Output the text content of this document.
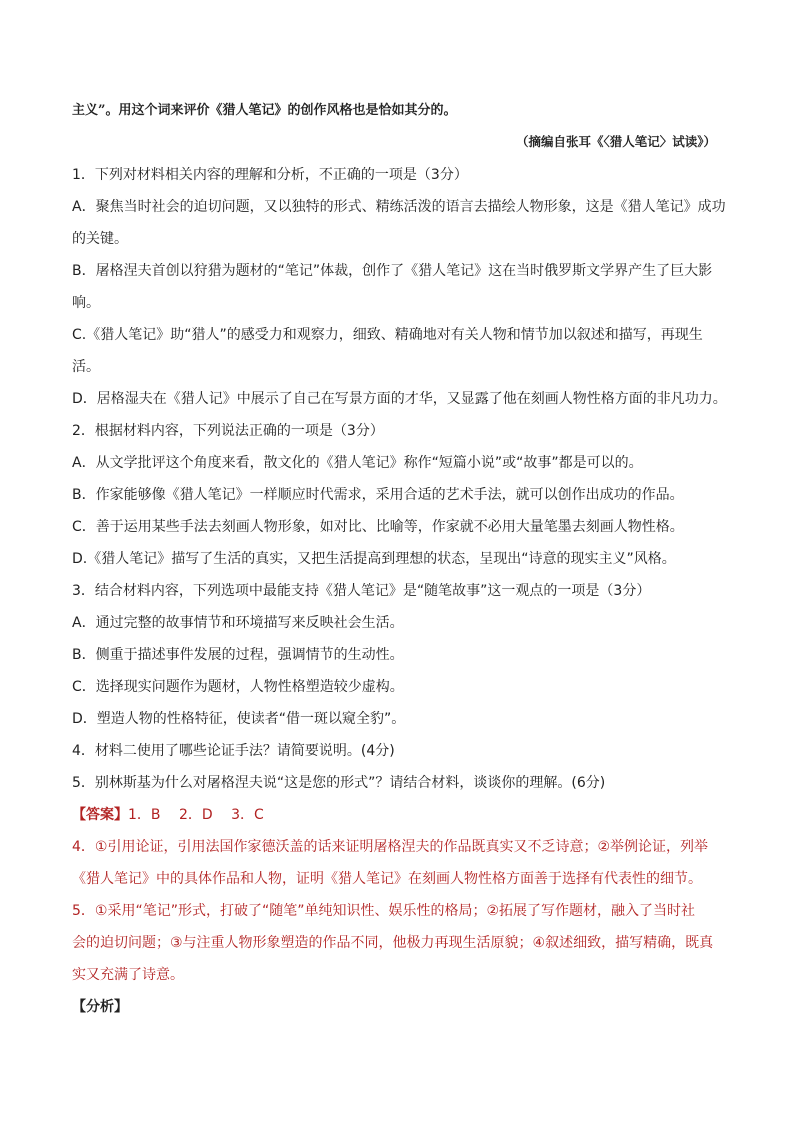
主义”。用这个词来评价《猎人笔记》的创作风格也是恰如其分的。
（摘编自张耳《〈猎人笔记〉试读》）
1．下列对材料相关内容的理解和分析，不正确的一项是（3分）
A．聚焦当时社会的迫切问题，又以独特的形式、精练活泼的语言去描绘人物形象，这是《猎人笔记》成功
的关键。
B．屠格涅夫首创以狩猎为题材的“笔记”体裁，创作了《猎人笔记》这在当时俄罗斯文学界产生了巨大影
响。
C.《猎人笔记》助“猎人”的感受力和观察力，细致、精确地对有关人物和情节加以叙述和描写，再现生
活。
D．居格湿夫在《猎人记》中展示了自己在写景方面的才华，又显露了他在刻画人物性格方面的非凡功力。
2．根据材料内容，下列说法正确的一项是（3分）
A．从文学批评这个角度来看，散文化的《猎人笔记》称作“短篇小说”或“故事”都是可以的。
B．作家能够像《猎人笔记》一样顺应时代需求，采用合适的艺术手法，就可以创作出成功的作品。
C．善于运用某些手法去刻画人物形象，如对比、比喻等，作家就不必用大量笔墨去刻画人物性格。
D.《猎人笔记》描写了生活的真实，又把生活提高到理想的状态，呈现出“诗意的现实主义”风格。
3．结合材料内容，下列选项中最能支持《猎人笔记》是“随笔故事”这一观点的一项是（3分）
A．通过完整的故事情节和环境描写来反映社会生活。
B．侧重于描述事件发展的过程，强调情节的生动性。
C．选择现实问题作为题材，人物性格塑造较少虚构。
D．塑造人物的性格特征，使读者“借一斑以窥全豹”。
4．材料二使用了哪些论证手法？请简要说明。(4分)
5．别林斯基为什么对屠格涅夫说“这是您的形式”？请结合材料，谈谈你的理解。(6分)
【答案】1．B　 2．D　 3．C
4．①引用论证，引用法国作家德沃盖的话来证明屠格涅夫的作品既真实又不乏诗意；②举例论证，列举
《猎人笔记》中的具体作品和人物，证明《猎人笔记》在刻画人物性格方面善于选择有代表性的细节。
5．①采用“笔记”形式，打破了“随笔”单纯知识性、娱乐性的格局；②拓展了写作题材，融入了当时社
会的迫切问题；③与注重人物形象塑造的作品不同，他极力再现生活原貌；④叙述细致，描写精确，既真
实又充满了诗意。
【分析】
